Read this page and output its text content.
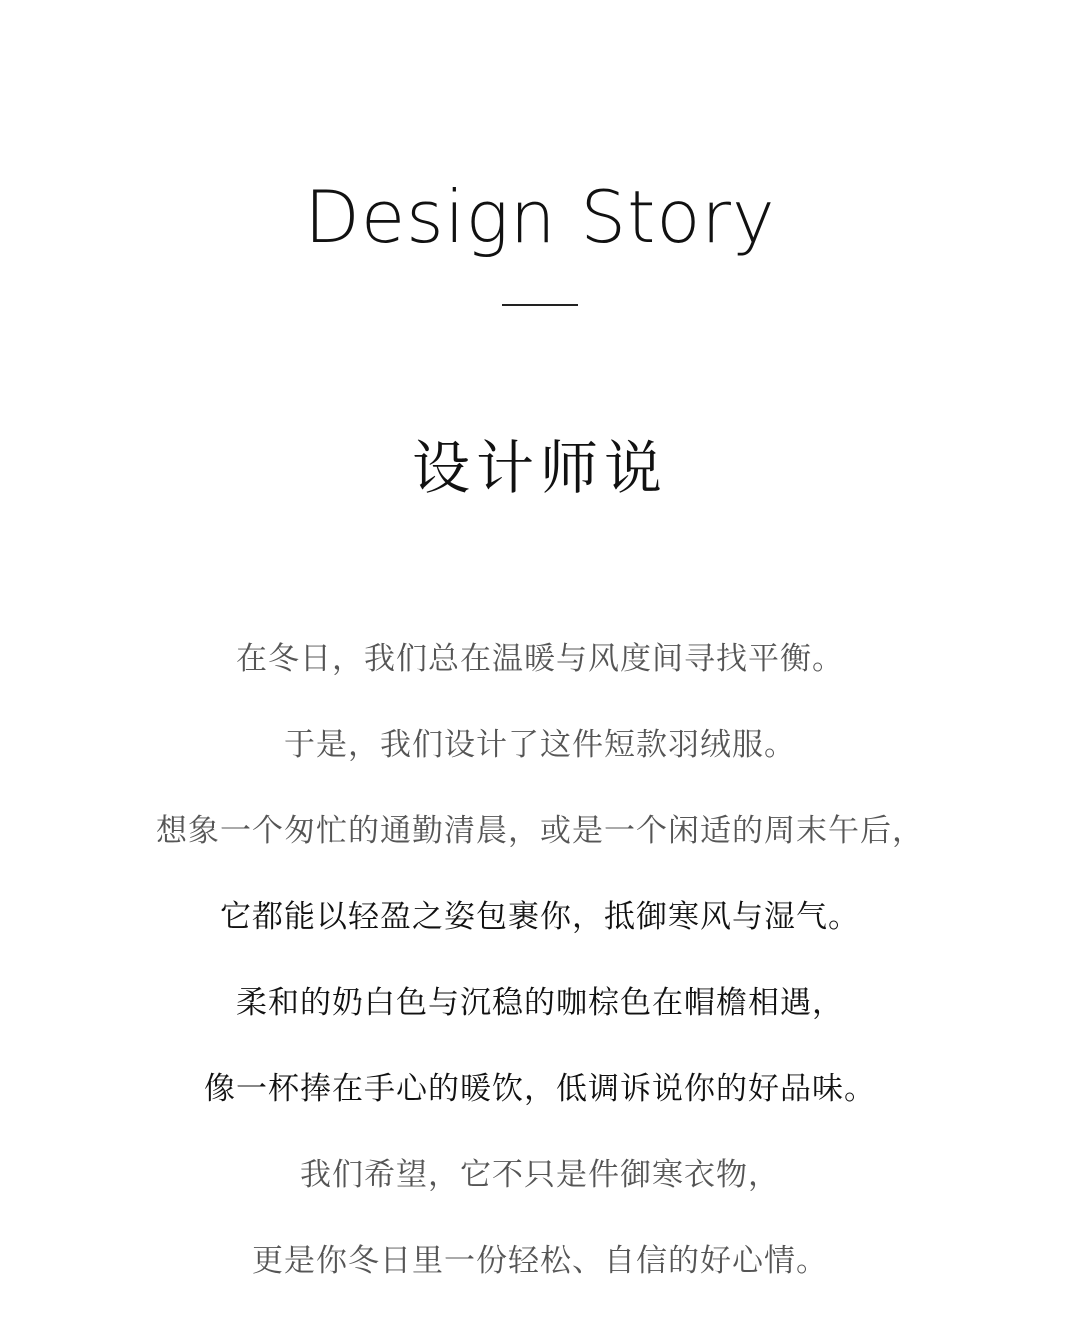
Design Story
设计师说
在冬日，我们总在温暖与风度间寻找平衡。
于是，我们设计了这件短款羽绒服。
想象一个匆忙的通勤清晨，或是一个闲适的周末午后，
它都能以轻盈之姿包裹你，抵御寒风与湿气。
柔和的奶白色与沉稳的咖棕色在帽檐相遇，
像一杯捧在手心的暖饮，低调诉说你的好品味。
我们希望，它不只是件御寒衣物，
更是你冬日里一份轻松、自信的好心情。
